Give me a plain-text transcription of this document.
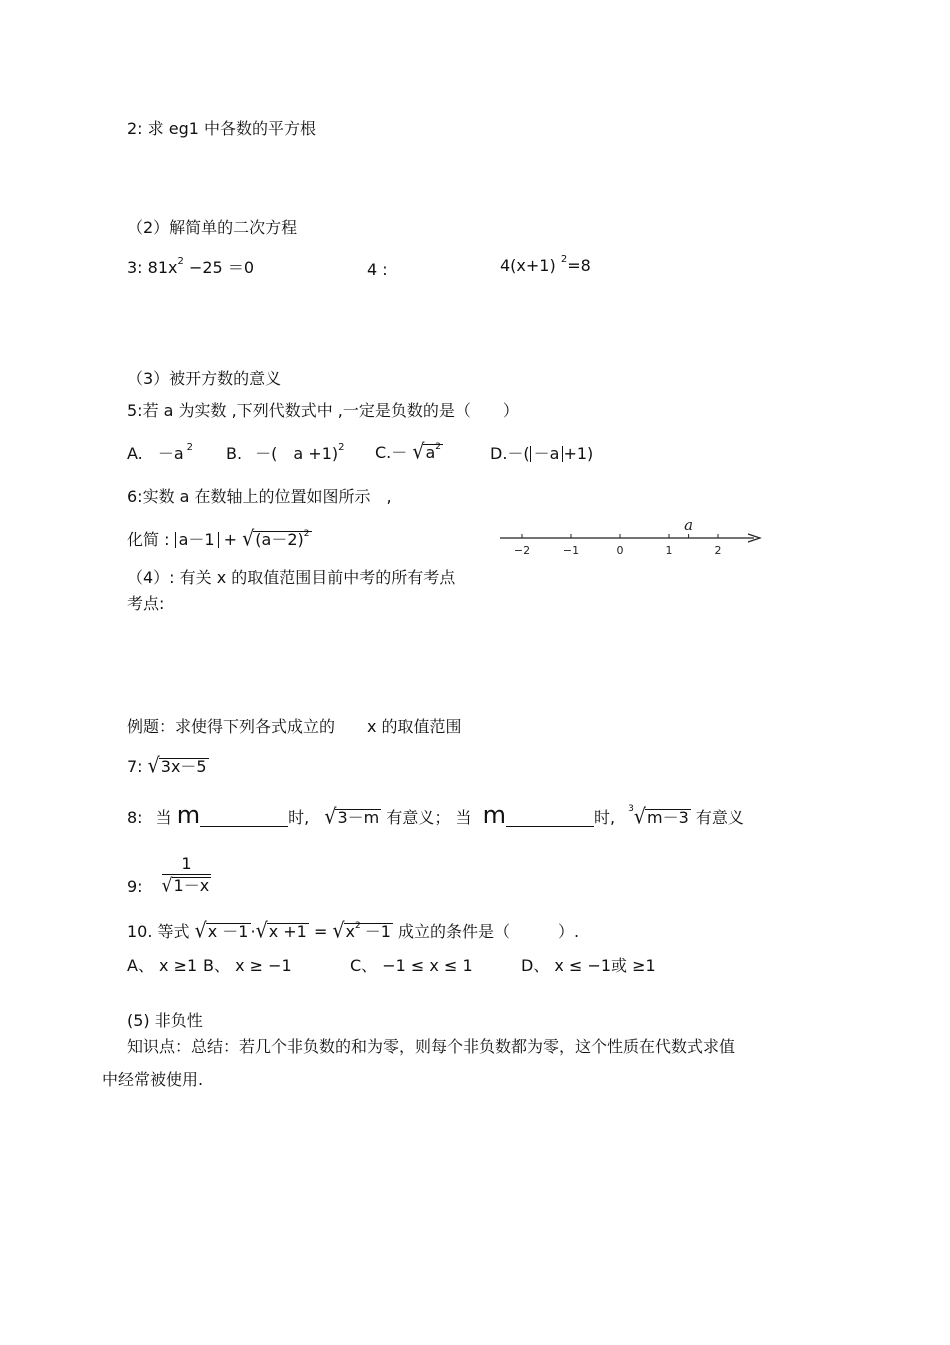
2: 求 eg1 中各数的平方根
（2）解简单的二次方程
3: $81x^2 -25 =0$	4 :	4(x+1) $^2$=8
（3）被开方数的意义
5:若 a 为实数 ,下列代数式中 ,一定是负数的是（　　）
A. －a $^2$ B. －(　a +1)$^2$ $C.- √a^2$	D.－( －a +1)
6:实数 a 在数轴上的位置如图所示　,
化简 : $a-1 + √(a-2)^2$
−2	−1	0	1	2
a
（4）: 有关 x 的取值范围目前中考的所有考点
考点:
例题：求使得下列各式成立的　　x 的取值范围
7: √3x－5
8: 当 m	时, √3－m 有意义； 当 m	时, $^3$√m－3 有意义
9: $\frac{1}{√1-x}$
10. 等式 $√x -1 \cdot√x +1 = √x^2 -1$ 成立的条件是（　　　）.
A、 x ≥1 B、 x ≥ −1	C、 −1 ≤ x ≤ 1	D、 x ≤ −1或 ≥1
(5) 非负性
知识点：总结：若几个非负数的和为零，则每个非负数都为零，这个性质在代数式求值
中经常被使用.
